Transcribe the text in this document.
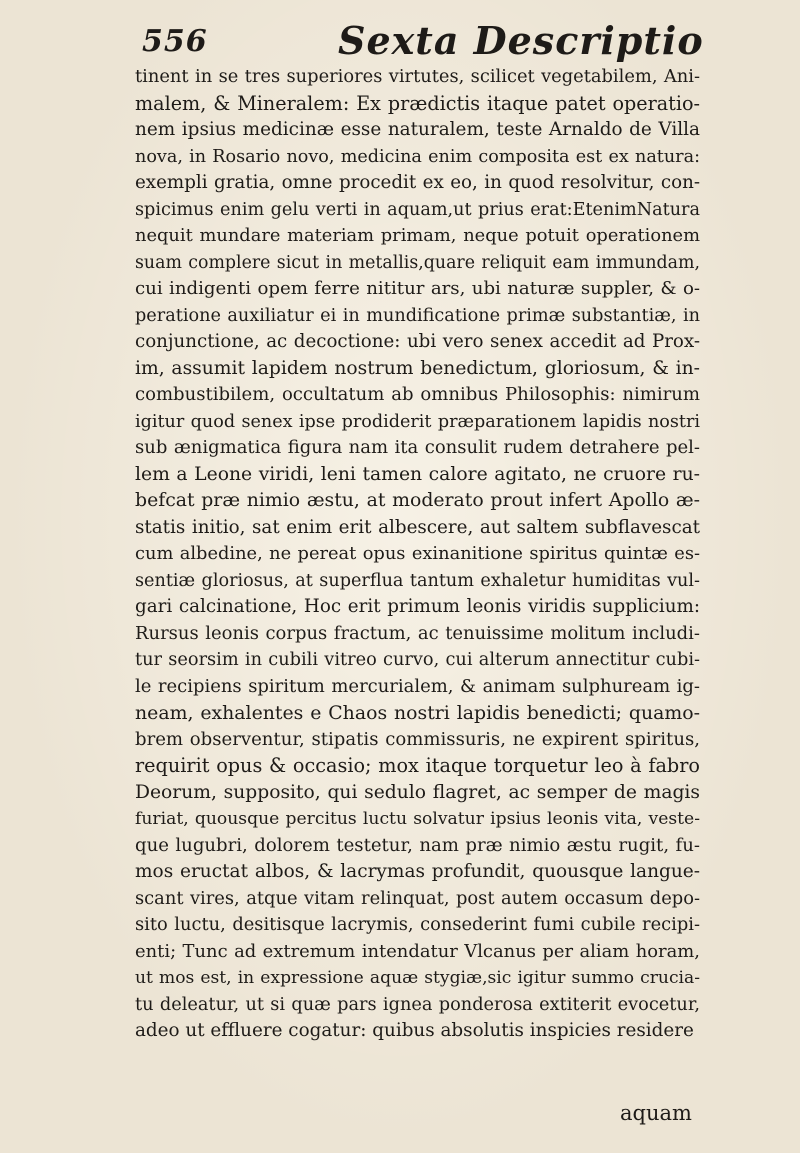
556	Sexta Descriptio
tinent in se tres superiores virtutes, scilicet vegetabilem, Ani-
malem, & Mineralem: Ex prædictis itaque patet operatio-
nem ipsius medicinæ esse naturalem, teste Arnaldo de Villa
nova, in Rosario novo, medicina enim composita est ex natura:
exempli gratia, omne procedit ex eo, in quod resolvitur, con-
spicimus enim gelu verti in aquam,ut prius erat:EtenimNatura
nequit mundare materiam primam, neque potuit operationem
suam complere sicut in metallis,quare reliquit eam immundam,
cui indigenti opem ferre nititur ars, ubi naturæ suppler, & o-
peratione auxiliatur ei in mundificatione primæ substantiæ, in
conjunctione, ac decoctione: ubi vero senex accedit ad Prox-
im, assumit lapidem nostrum benedictum, gloriosum, & in-
combustibilem, occultatum ab omnibus Philosophis: nimirum
igitur quod senex ipse prodiderit præparationem lapidis nostri
sub ænigmatica figura nam ita consulit rudem detrahere pel-
lem a Leone viridi, leni tamen calore agitato, ne cruore ru-
befcat præ nimio æstu, at moderato prout infert Apollo æ-
statis initio, sat enim erit albescere, aut saltem subflavescat
cum albedine, ne pereat opus exinanitione spiritus quintæ es-
sentiæ gloriosus, at superflua tantum exhaletur humiditas vul-
gari calcinatione, Hoc erit primum leonis viridis supplicium:
Rursus leonis corpus fractum, ac tenuissime molitum includi-
tur seorsim in cubili vitreo curvo, cui alterum annectitur cubi-
le recipiens spiritum mercurialem, & animam sulphuream ig-
neam, exhalentes e Chaos nostri lapidis benedicti; quamo-
brem observentur, stipatis commissuris, ne expirent spiritus,
requirit opus & occasio; mox itaque torquetur leo à fabro
Deorum, supposito, qui sedulo flagret, ac semper de magis
furiat, quousque percitus luctu solvatur ipsius leonis vita, veste-
que lugubri, dolorem testetur, nam præ nimio æstu rugit, fu-
mos eructat albos, & lacrymas profundit, quousque langue-
scant vires, atque vitam relinquat, post autem occasum depo-
sito luctu, desitisque lacrymis, consederint fumi cubile recipi-
enti; Tunc ad extremum intendatur Vlcanus per aliam horam,
ut mos est, in expressione aquæ stygiæ,sic igitur summo crucia-
tu deleatur, ut si quæ pars ignea ponderosa extiterit evocetur,
adeo ut effluere cogatur: quibus absolutis inspicies residere
aquam
